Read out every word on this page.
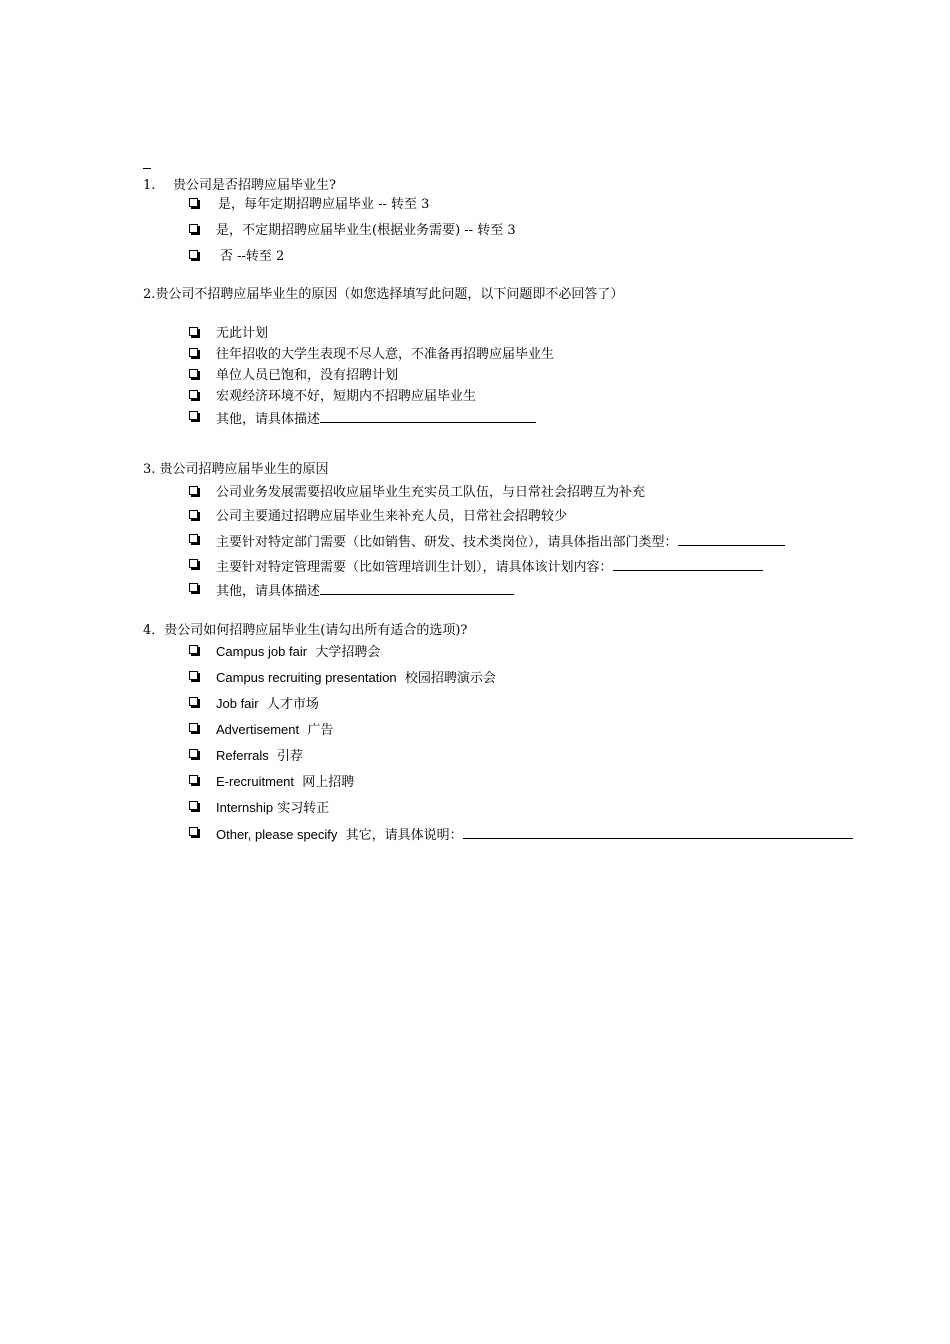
1. 贵公司是否招聘应届毕业生?
是，每年定期招聘应届毕业 -- 转至 3
是，不定期招聘应届毕业生(根据业务需要) -- 转至 3
否 --转至 2
2.贵公司不招聘应届毕业生的原因（如您选择填写此问题，以下问题即不必回答了）
无此计划
往年招收的大学生表现不尽人意，不准备再招聘应届毕业生
单位人员已饱和，没有招聘计划
宏观经济环境不好，短期内不招聘应届毕业生
其他，请具体描述
3. 贵公司招聘应届毕业生的原因
公司业务发展需要招收应届毕业生充实员工队伍，与日常社会招聘互为补充
公司主要通过招聘应届毕业生来补充人员，日常社会招聘较少
主要针对特定部门需要（比如销售、研发、技术类岗位），请具体指出部门类型：
主要针对特定管理需要（比如管理培训生计划），请具体该计划内容：
其他，请具体描述
4．贵公司如何招聘应届毕业生(请勾出所有适合的选项)?
Campus job fair 大学招聘会
Campus recruiting presentation 校园招聘演示会
Job fair 人才市场
Advertisement 广告
Referrals 引荐
E-recruitment 网上招聘
Internship 实习转正
Other, please specify 其它，请具体说明：
